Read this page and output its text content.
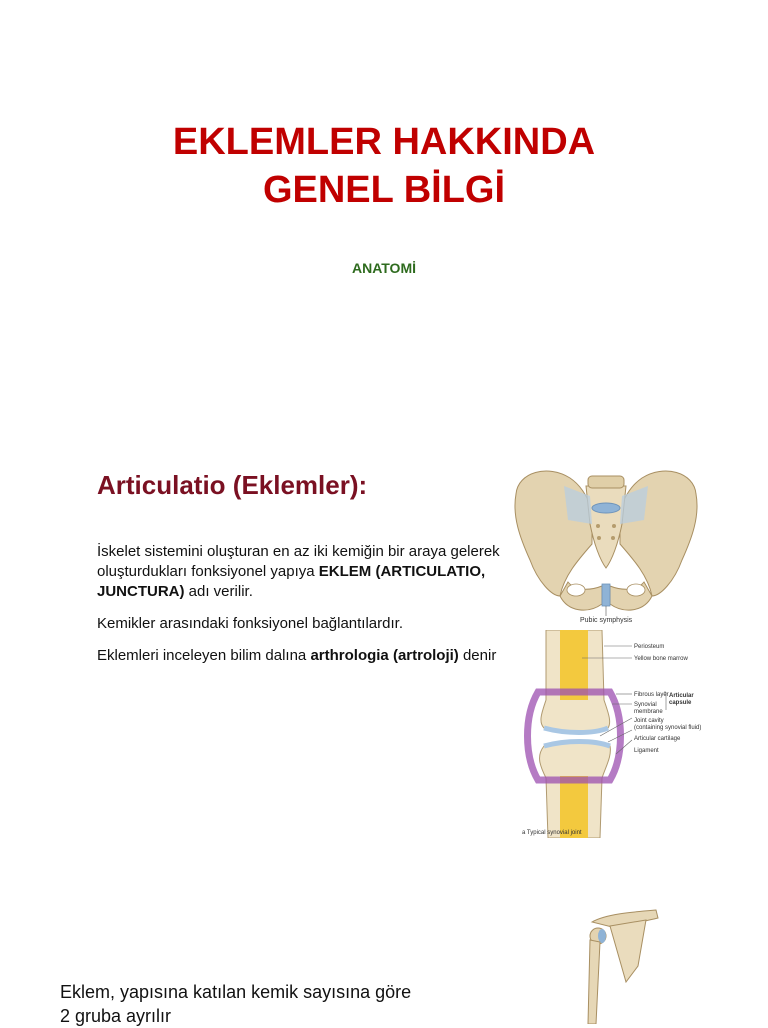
EKLEMLER HAKKINDA
GENEL BİLGİ
ANATOMİ
Articulatio (Eklemler):

İskelet sistemini oluşturan en az iki kemiğin bir araya gelerek oluşturdukları fonksiyonel yapıya EKLEM (ARTICULATIO, JUNCTURA) adı verilir.

Kemikler arasındaki fonksiyonel bağlantılardır.

Eklemleri inceleyen bilim dalına arthrologia (artroloji) denir

Pubic symphysis
Periosteum
Yellow bone marrow
Fibrous layer
Synovial
membrane
Joint cavity
(containing synovial fluid)
Articular cartilage
Ligament
Articular
capsule
a Typical synovial joint
Eklem, yapısına katılan kemik sayısına göre
2 gruba ayrılır
